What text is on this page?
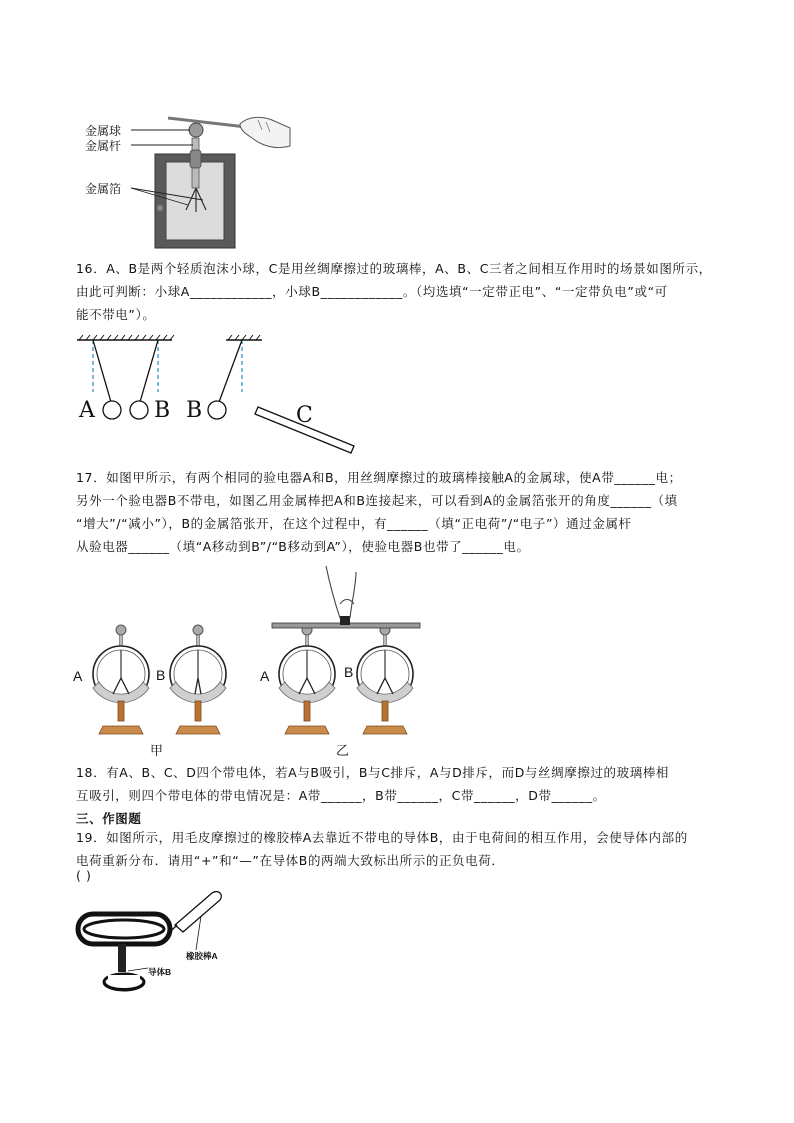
金属球
金属杆
金属箔
16．A、B是两个轻质泡沫小球，C是用丝绸摩擦过的玻璃棒，A、B、C三者之间相互作用时的场景如图所示，
由此可判断：小球A____________，小球B____________。（均选填“一定带正电”、“一定带负电”或“可
能不带电”）。
A	B B	C
17．如图甲所示，有两个相同的验电器A和B，用丝绸摩擦过的玻璃棒接触A的金属球，使A带______电；
另外一个验电器B不带电，如图乙用金属棒把A和B连接起来，可以看到A的金属箔张开的角度______（填
“增大”/“减小”），B的金属箔张开，在这个过程中，有______（填“正电荷”/“电子”）通过金属杆
从验电器______（填“A移动到B”/“B移动到A”），使验电器B也带了______电。
A	B	A	B
甲	乙
18．有A、B、C、D四个带电体，若A与B吸引，B与C排斥，A与D排斥，而D与丝绸摩擦过的玻璃棒相
互吸引，则四个带电体的带电情况是：A带______，B带______，C带______，D带______。
三、作图题
19．如图所示，用毛皮摩擦过的橡胶棒A去靠近不带电的导体B，由于电荷间的相互作用，会使导体内部的
电荷重新分布．请用“+”和“—”在导体B的两端大致标出所示的正负电荷．
( )
橡胶棒A
导体B
